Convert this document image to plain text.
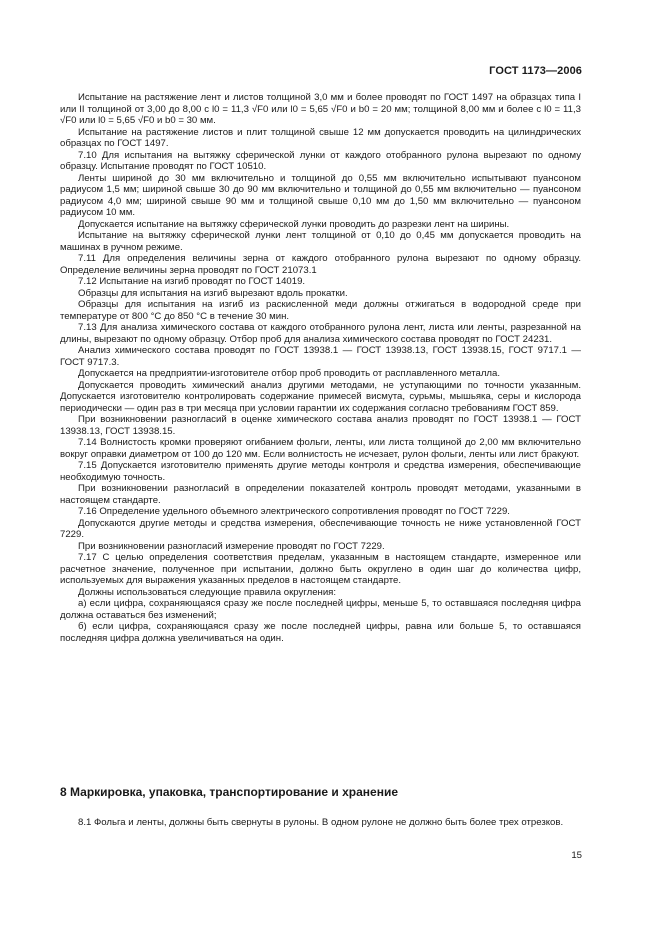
ГОСТ 1173—2006

Испытание на растяжение лент и листов толщиной 3,0 мм и более проводят по ГОСТ 1497 на образцах типа I или II толщиной от 3,00 до 8,00 с l0 = 11,3 √F0 или l0 = 5,65 √F0 и b0 = 20 мм; толщиной 8,00 мм и более с l0 = 11,3 √F0 или l0 = 5,65 √F0 и b0 = 30 мм.

Испытание на растяжение листов и плит толщиной свыше 12 мм допускается проводить на цилиндрических образцах по ГОСТ 1497.

7.10 Для испытания на вытяжку сферической лунки от каждого отобранного рулона вырезают по одному образцу. Испытание проводят по ГОСТ 10510.

Ленты шириной до 30 мм включительно и толщиной до 0,55 мм включительно испытывают пуансоном радиусом 1,5 мм; шириной свыше 30 до 90 мм включительно и толщиной до 0,55 мм включительно — пуансоном радиусом 4,0 мм; шириной свыше 90 мм и толщиной свыше 0,10 мм до 1,50 мм включительно — пуансоном радиусом 10 мм.

Допускается испытание на вытяжку сферической лунки проводить до разрезки лент на ширины.

Испытание на вытяжку сферической лунки лент толщиной от 0,10 до 0,45 мм допускается проводить на машинах в ручном режиме.

7.11 Для определения величины зерна от каждого отобранного рулона вырезают по одному образцу. Определение величины зерна проводят по ГОСТ 21073.1

7.12 Испытание на изгиб проводят по ГОСТ 14019.

Образцы для испытания на изгиб вырезают вдоль прокатки.

Образцы для испытания на изгиб из раскисленной меди должны отжигаться в водородной среде при температуре от 800 °С до 850 °С в течение 30 мин.

7.13 Для анализа химического состава от каждого отобранного рулона лент, листа или ленты, разрезанной на длины, вырезают по одному образцу. Отбор проб для анализа химического состава проводят по ГОСТ 24231.

Анализ химического состава проводят по ГОСТ 13938.1 — ГОСТ 13938.13, ГОСТ 13938.15, ГОСТ 9717.1 — ГОСТ 9717.3.

Допускается на предприятии-изготовителе отбор проб проводить от расплавленного металла.

Допускается проводить химический анализ другими методами, не уступающими по точности указанным. Допускается изготовителю контролировать содержание примесей висмута, сурьмы, мышьяка, серы и кислорода периодически — один раз в три месяца при условии гарантии их содержания согласно требованиям ГОСТ 859.

При возникновении разногласий в оценке химического состава анализ проводят по ГОСТ 13938.1 — ГОСТ 13938.13, ГОСТ 13938.15.

7.14 Волнистость кромки проверяют огибанием фольги, ленты, или листа толщиной до 2,00 мм включительно вокруг оправки диаметром от 100 до 120 мм. Если волнистость не исчезает, рулон фольги, ленты или лист бракуют.

7.15 Допускается изготовителю применять другие методы контроля и средства измерения, обеспечивающие необходимую точность.

При возникновении разногласий в определении показателей контроль проводят методами, указанными в настоящем стандарте.

7.16 Определение удельного объемного электрического сопротивления проводят по ГОСТ 7229.

Допускаются другие методы и средства измерения, обеспечивающие точность не ниже установленной ГОСТ 7229.

При возникновении разногласий измерение проводят по ГОСТ 7229.

7.17 С целью определения соответствия пределам, указанным в настоящем стандарте, измеренное или расчетное значение, полученное при испытании, должно быть округлено в один шаг до количества цифр, используемых для выражения указанных пределов в настоящем стандарте.

Должны использоваться следующие правила округления:

а) если цифра, сохраняющаяся сразу же после последней цифры, меньше 5, то оставшаяся последняя цифра должна оставаться без изменений;

б) если цифра, сохраняющаяся сразу же после последней цифры, равна или больше 5, то оставшаяся последняя цифра должна увеличиваться на один.

8 Маркировка, упаковка, транспортирование и хранение

8.1 Фольга и ленты, должны быть свернуты в рулоны. В одном рулоне не должно быть более трех отрезков.

15
